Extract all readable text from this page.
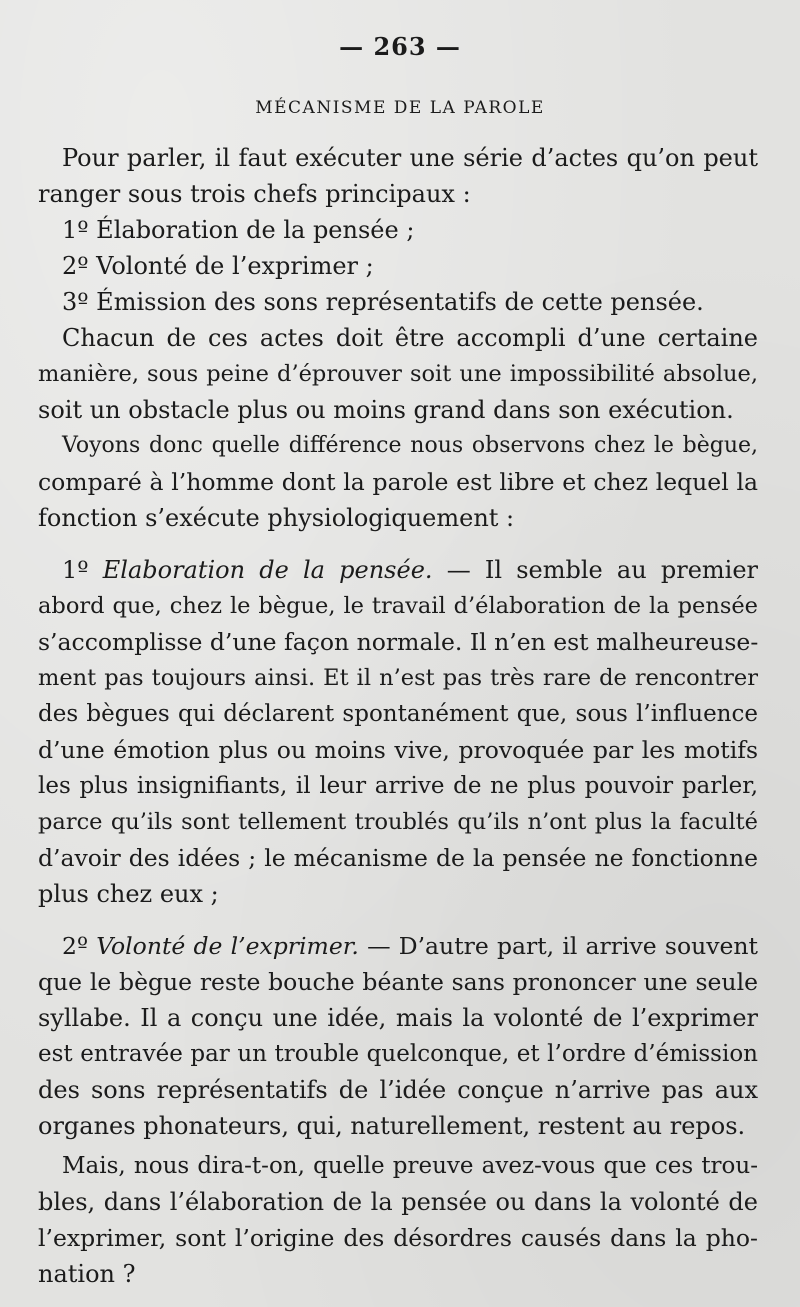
— 263 —
MÉCANISME DE LA PAROLE
Pour parler, il faut exécuter une série d’actes qu’on peut
ranger sous trois chefs principaux :
1º Élaboration de la pensée ;
2º Volonté de l’exprimer ;
3º Émission des sons représentatifs de cette pensée.
Chacun de ces actes doit être accompli d’une certaine
manière, sous peine d’éprouver soit une impossibilité absolue,
soit un obstacle plus ou moins grand dans son exécution.
Voyons donc quelle différence nous observons chez le bègue,
comparé à l’homme dont la parole est libre et chez lequel la
fonction s’exécute physiologiquement :
1º Elaboration de la pensée. — Il semble au premier
abord que, chez le bègue, le travail d’élaboration de la pensée
s’accomplisse d’une façon normale. Il n’en est malheureuse-
ment pas toujours ainsi. Et il n’est pas très rare de rencontrer
des bègues qui déclarent spontanément que, sous l’influence
d’une émotion plus ou moins vive, provoquée par les motifs
les plus insignifiants, il leur arrive de ne plus pouvoir parler,
parce qu’ils sont tellement troublés qu’ils n’ont plus la faculté
d’avoir des idées ; le mécanisme de la pensée ne fonctionne
plus chez eux ;
2º Volonté de l’exprimer. — D’autre part, il arrive souvent
que le bègue reste bouche béante sans prononcer une seule
syllabe. Il a conçu une idée, mais la volonté de l’exprimer
est entravée par un trouble quelconque, et l’ordre d’émission
des sons représentatifs de l’idée conçue n’arrive pas aux
organes phonateurs, qui, naturellement, restent au repos.
Mais, nous dira-t-on, quelle preuve avez-vous que ces trou-
bles, dans l’élaboration de la pensée ou dans la volonté de
l’exprimer, sont l’origine des désordres causés dans la pho-
nation ?
